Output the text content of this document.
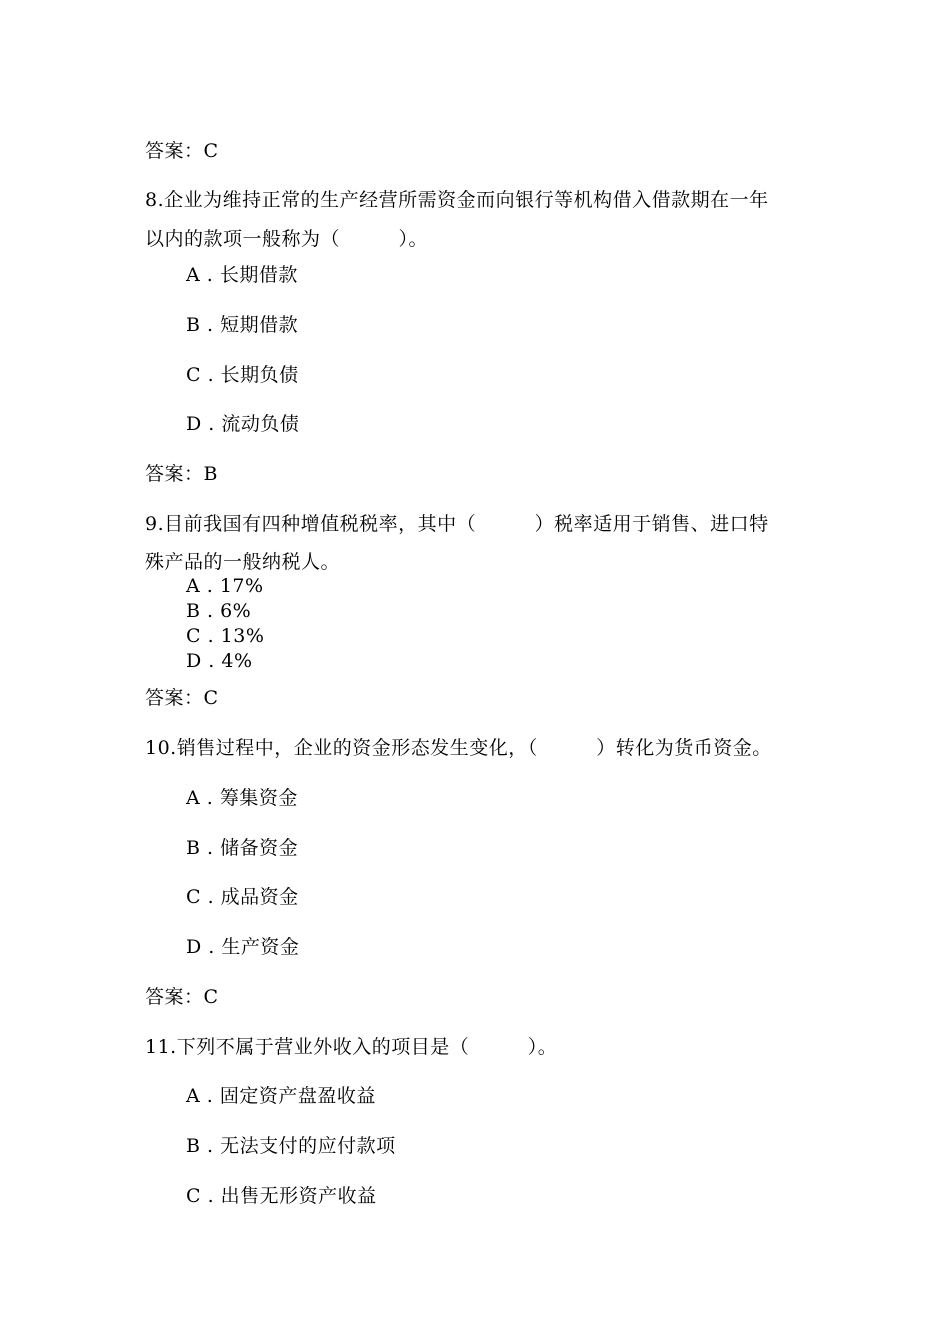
答案：C
8.企业为维持正常的生产经营所需资金而向银行等机构借入借款期在一年
以内的款项一般称为（　　　）。
A . 长期借款
B . 短期借款
C . 长期负债
D . 流动负债
答案：B
9.目前我国有四种增值税税率，其中（　　　）税率适用于销售、进口特
殊产品的一般纳税人。
A . 17%
B . 6%
C . 13%
D . 4%
答案：C
10.销售过程中，企业的资金形态发生变化，（　　　）转化为货币资金。
A . 筹集资金
B . 储备资金
C . 成品资金
D . 生产资金
答案：C
11.下列不属于营业外收入的项目是（　　　）。
A . 固定资产盘盈收益
B . 无法支付的应付款项
C . 出售无形资产收益
